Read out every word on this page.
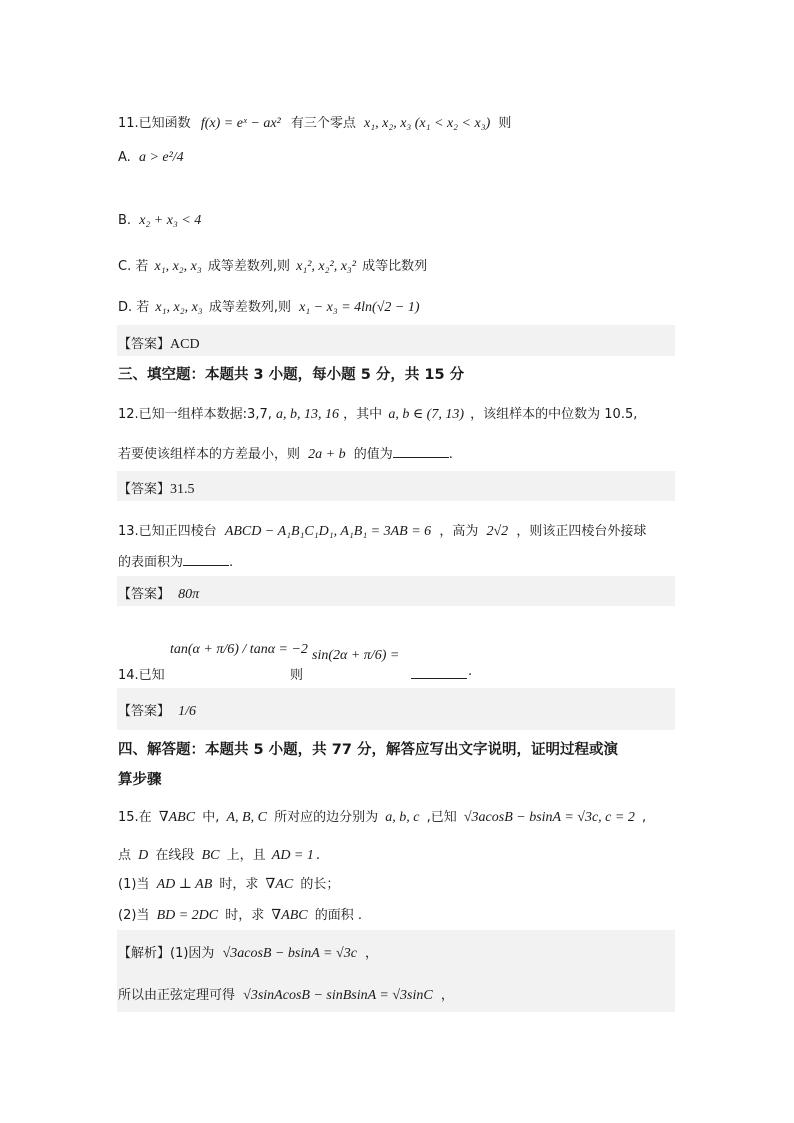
11.已知函数 f(x) = eˣ − ax² 有三个零点 x₁, x₂, x₃ (x₁ < x₂ < x₃) 则
A. a > e²/4
B. x₂ + x₃ < 4
C. 若 x₁, x₂, x₃ 成等差数列,则 x₁², x₂², x₃² 成等比数列
D. 若 x₁, x₂, x₃ 成等差数列,则 x₁ − x₃ = 4ln(√2 − 1)
【答案】ACD
三、填空题：本题共 3 小题，每小题 5 分，共 15 分
12.已知一组样本数据:3,7, a, b, 13, 16 ，其中 a, b ∈ (7, 13) ，该组样本的中位数为 10.5,
若要使该组样本的方差最小，则 2a + b 的值为	.
【答案】31.5
13.已知正四棱台 ABCD − A₁B₁C₁D₁, A₁B₁ = 3AB = 6 ，高为 2√2 ，则该正四棱台外接球
的表面积为	.
【答案】 80π
14.已知
tan(α + π/6) / tanα = −2
则
sin(2α + π/6) =
.
【答案】 1/6
四、解答题：本题共 5 小题，共 77 分，解答应写出文字说明，证明过程或演
算步骤
15.在 ∇ABC 中, A, B, C 所对应的边分别为 a, b, c ,已知 √3acosB − bsinA = √3c, c = 2 ,
点 D 在线段 BC 上，且 AD = 1 .
(1)当 AD ⊥ AB 时，求 ∇AC 的长；
(2)当 BD = 2DC 时，求 ∇ABC 的面积 .
【解析】(1)因为 √3acosB − bsinA = √3c ，
所以由正弦定理可得 √3sinAcosB − sinBsinA = √3sinC ，
